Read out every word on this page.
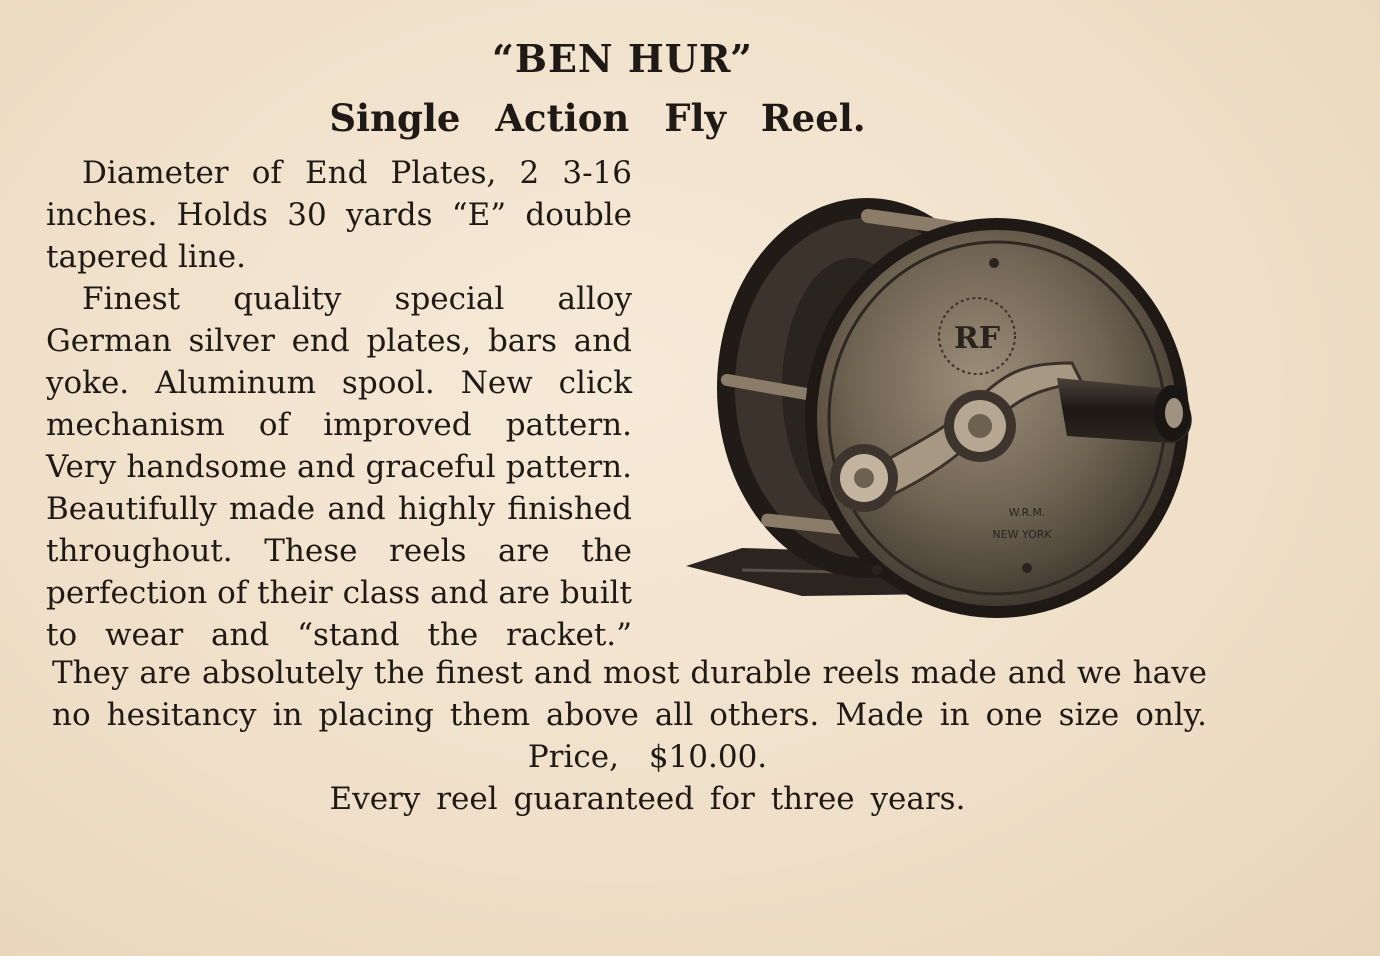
“BEN HUR”
Single Action Fly Reel.

Diameter of End Plates, 2 3-16 inches. Holds 30 yards “E” double tapered line.

Finest quality special alloy German silver end plates, bars and yoke. Aluminum spool. New click mechanism of improved pattern. Very handsome and graceful pattern. Beautifully made and highly finished throughout. These reels are the perfection of their class and are built to wear and “stand the racket.”

They are absolutely the finest and most durable reels made and we have no hesitancy in placing them above all others. Made in one size only.
Price, $10.00.
Every reel guaranteed for three years.
RF
W.R.M.
NEW YORK
